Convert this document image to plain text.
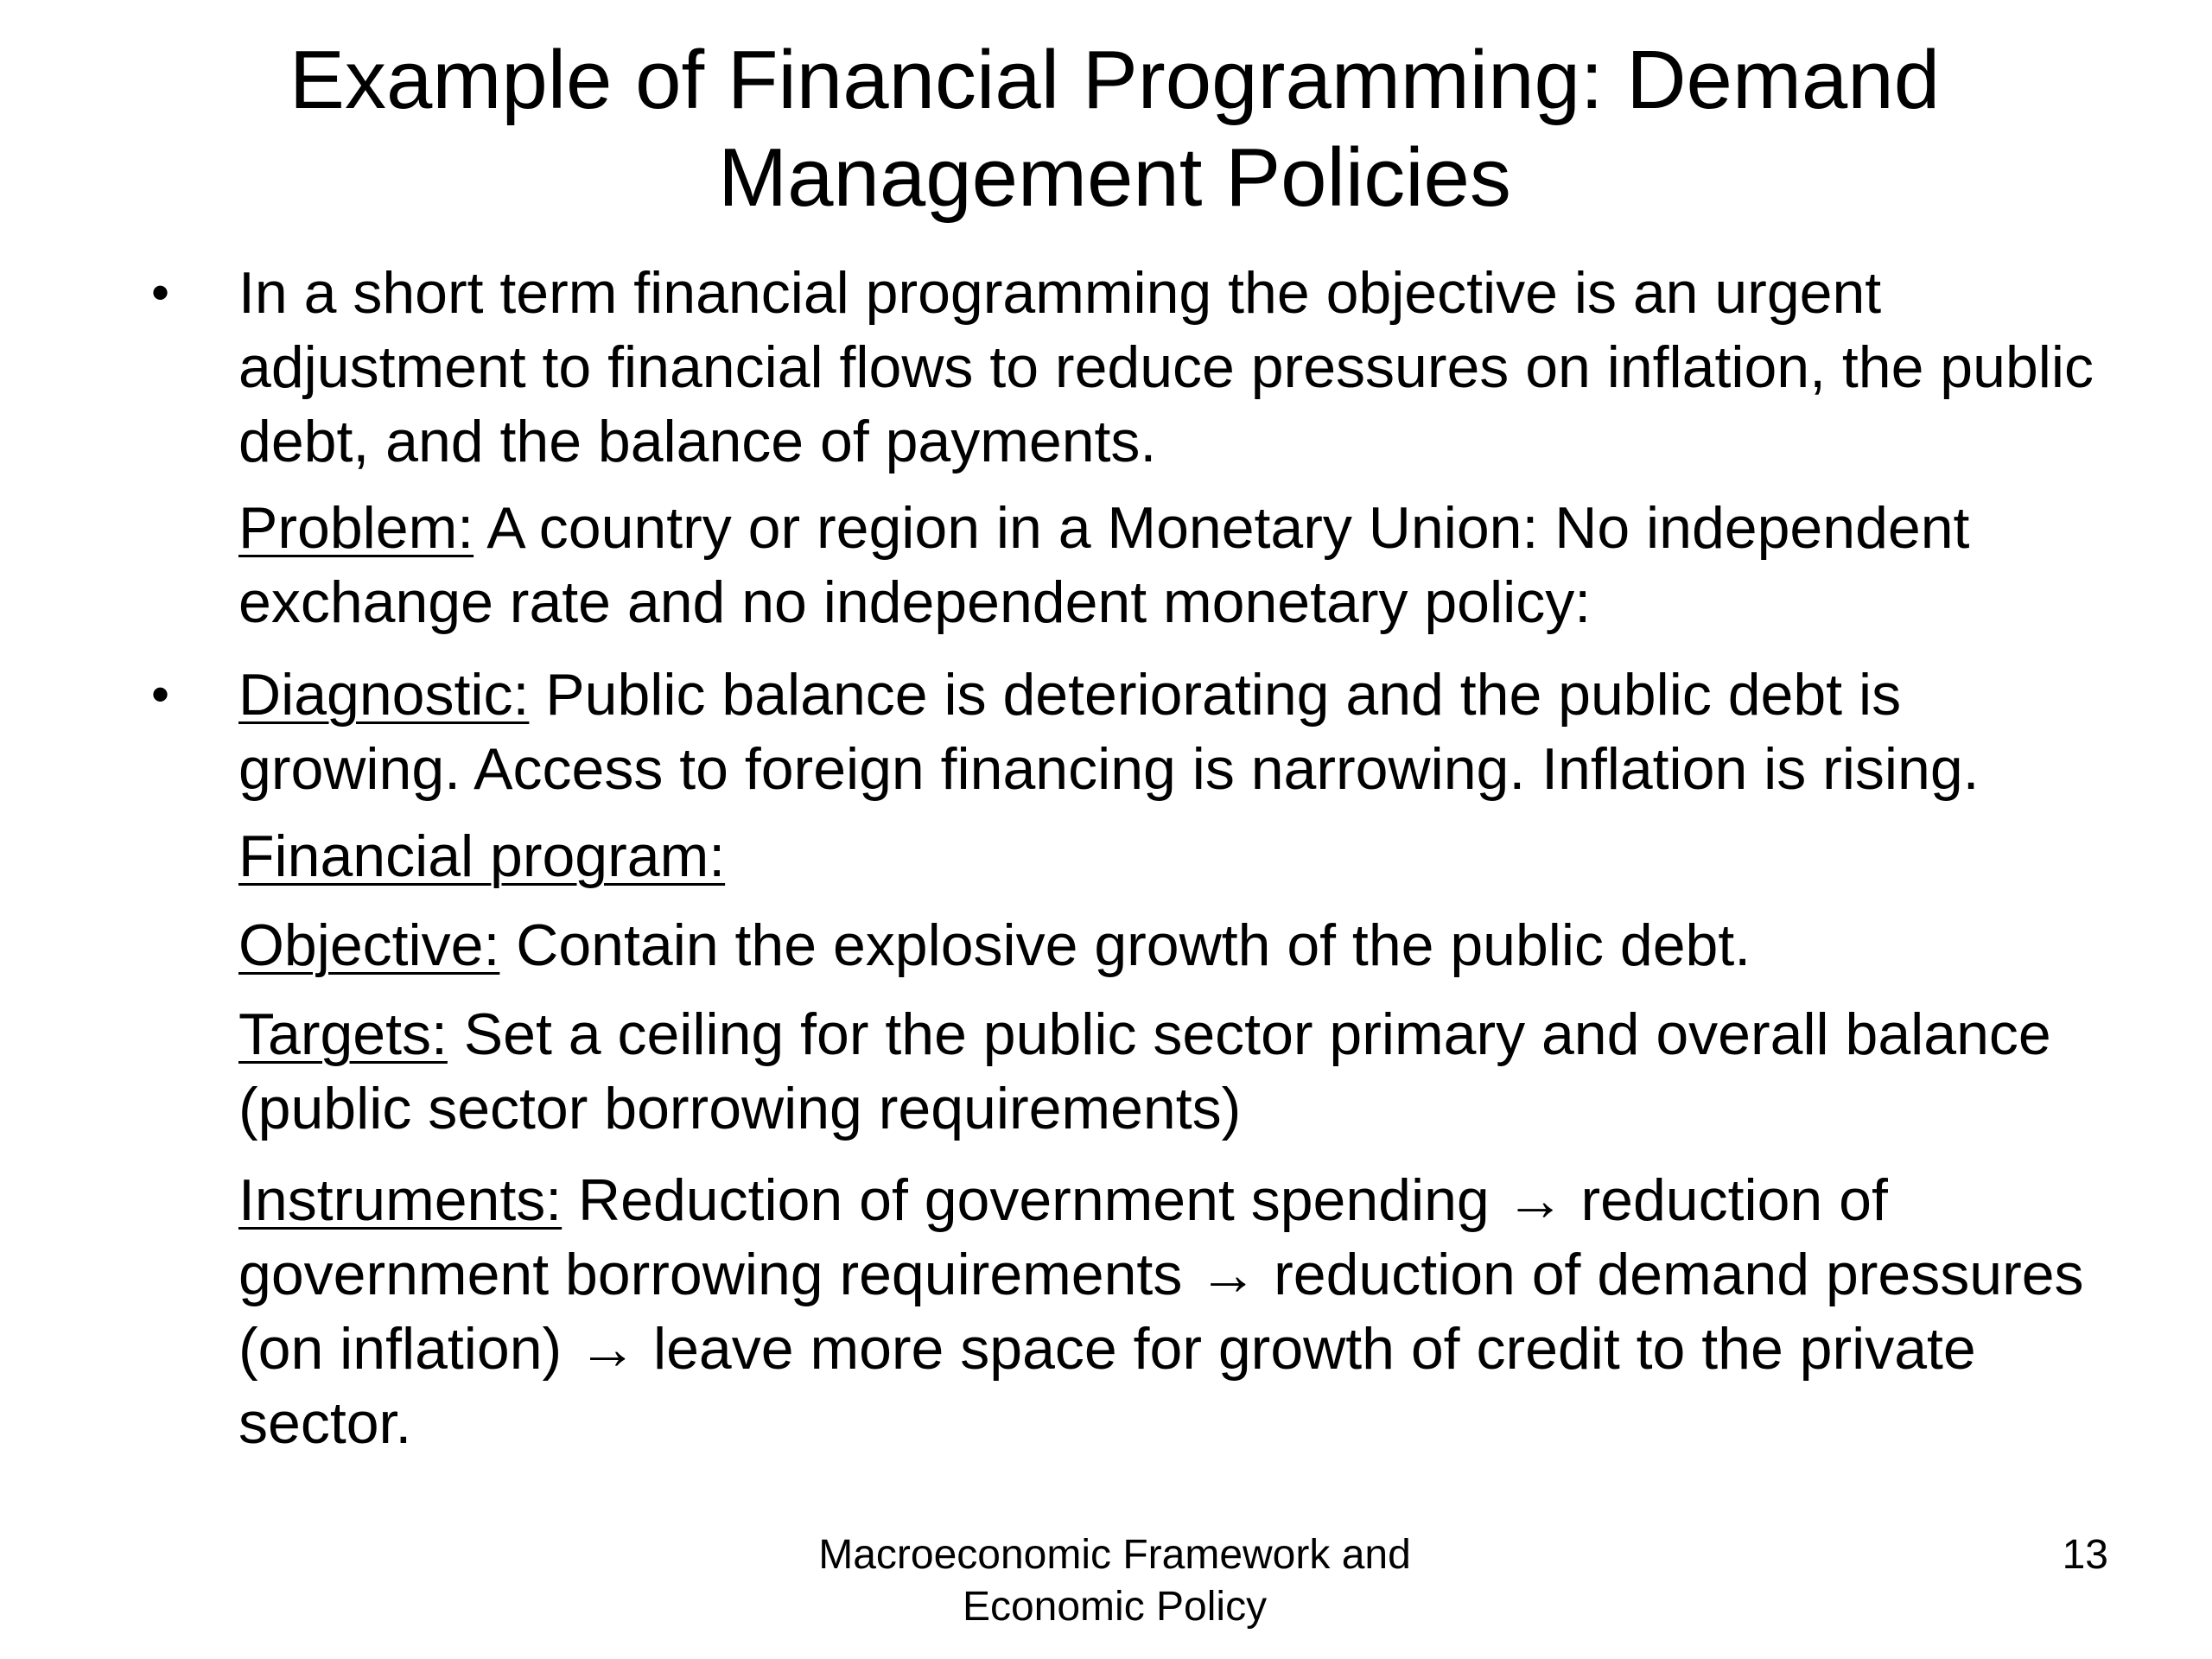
Example of Financial Programming: Demand
Management Policies
• In a short term financial programming the objective is an urgent adjustment to financial flows to reduce pressures on inflation, the public debt, and the balance of payments.

Problem: A country or region in a Monetary Union: No independent exchange rate and no independent monetary policy:

• Diagnostic: Public balance is deteriorating and the public debt is growing. Access to foreign financing is narrowing. Inflation is rising.

Financial program:

Objective: Contain the explosive growth of the public debt.

Targets: Set a ceiling for the public sector primary and overall balance (public sector borrowing requirements)

Instruments: Reduction of government spending → reduction of government borrowing requirements → reduction of demand pressures (on inflation) → leave more space for growth of credit to the private sector.

Macroeconomic Framework and
Economic Policy
13
